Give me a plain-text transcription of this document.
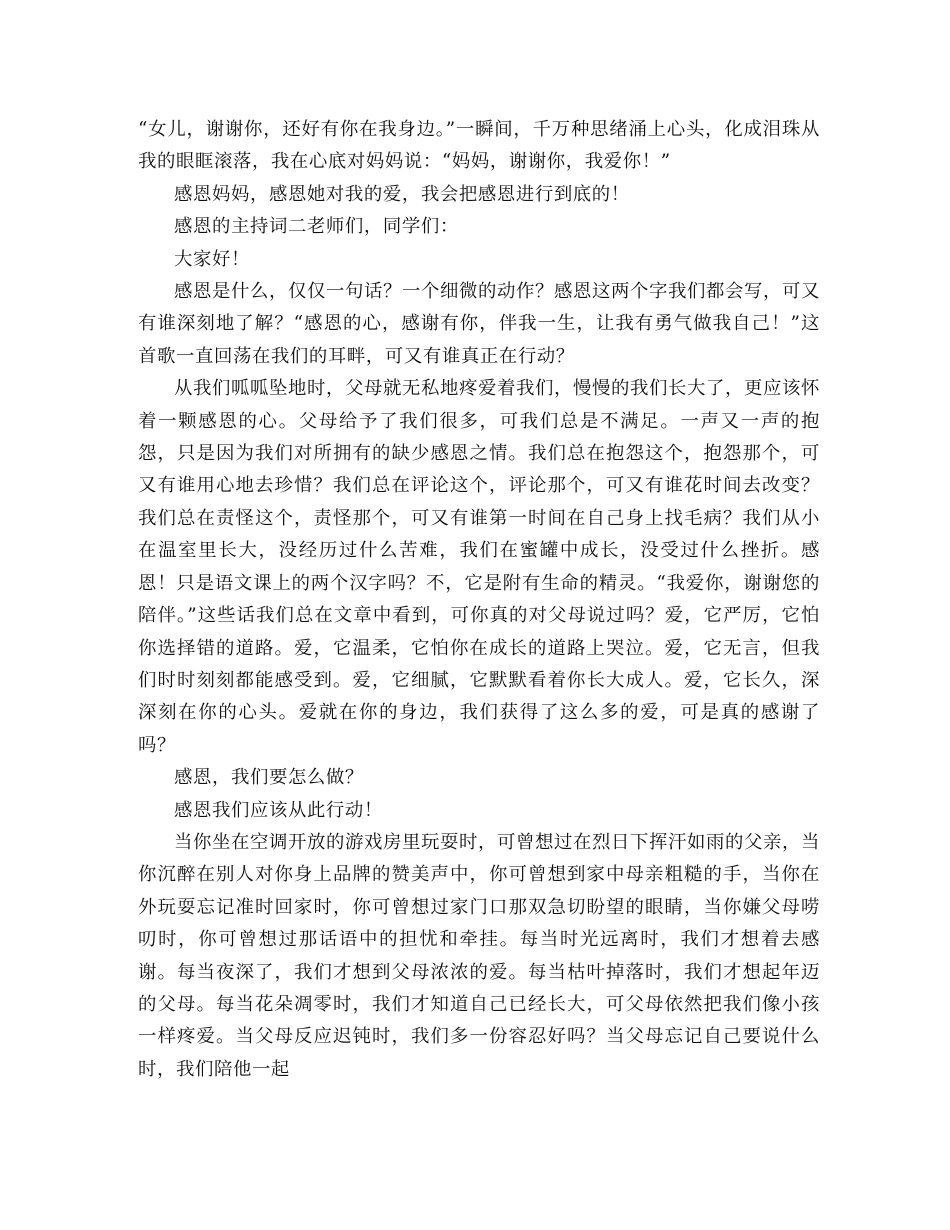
“女儿，谢谢你，还好有你在我身边。”一瞬间，千万种思绪涌上心头，化成泪珠从我的眼眶滚落，我在心底对妈妈说：“妈妈，谢谢你，我爱你！”

感恩妈妈，感恩她对我的爱，我会把感恩进行到底的！

感恩的主持词二老师们，同学们：

大家好！

感恩是什么，仅仅一句话？一个细微的动作？感恩这两个字我们都会写，可又有谁深刻地了解？“感恩的心，感谢有你，伴我一生，让我有勇气做我自己！”这首歌一直回荡在我们的耳畔，可又有谁真正在行动？

从我们呱呱坠地时，父母就无私地疼爱着我们，慢慢的我们长大了，更应该怀着一颗感恩的心。父母给予了我们很多，可我们总是不满足。一声又一声的抱怨，只是因为我们对所拥有的缺少感恩之情。我们总在抱怨这个，抱怨那个，可又有谁用心地去珍惜？我们总在评论这个，评论那个，可又有谁花时间去改变？我们总在责怪这个，责怪那个，可又有谁第一时间在自己身上找毛病？我们从小在温室里长大，没经历过什么苦难，我们在蜜罐中成长，没受过什么挫折。感恩！只是语文课上的两个汉字吗？不，它是附有生命的精灵。“我爱你，谢谢您的陪伴。”这些话我们总在文章中看到，可你真的对父母说过吗？爱，它严厉，它怕你选择错的道路。爱，它温柔，它怕你在成长的道路上哭泣。爱，它无言，但我们时时刻刻都能感受到。爱，它细腻，它默默看着你长大成人。爱，它长久，深深刻在你的心头。爱就在你的身边，我们获得了这么多的爱，可是真的感谢了吗？

感恩，我们要怎么做？

感恩我们应该从此行动！

当你坐在空调开放的游戏房里玩耍时，可曾想过在烈日下挥汗如雨的父亲，当你沉醉在别人对你身上品牌的赞美声中，你可曾想到家中母亲粗糙的手，当你在外玩耍忘记准时回家时，你可曾想过家门口那双急切盼望的眼睛，当你嫌父母唠叨时，你可曾想过那话语中的担忧和牵挂。每当时光远离时，我们才想着去感谢。每当夜深了，我们才想到父母浓浓的爱。每当枯叶掉落时，我们才想起年迈的父母。每当花朵凋零时，我们才知道自己已经长大，可父母依然把我们像小孩一样疼爱。当父母反应迟钝时，我们多一份容忍好吗？当父母忘记自己要说什么时，我们陪他一起
